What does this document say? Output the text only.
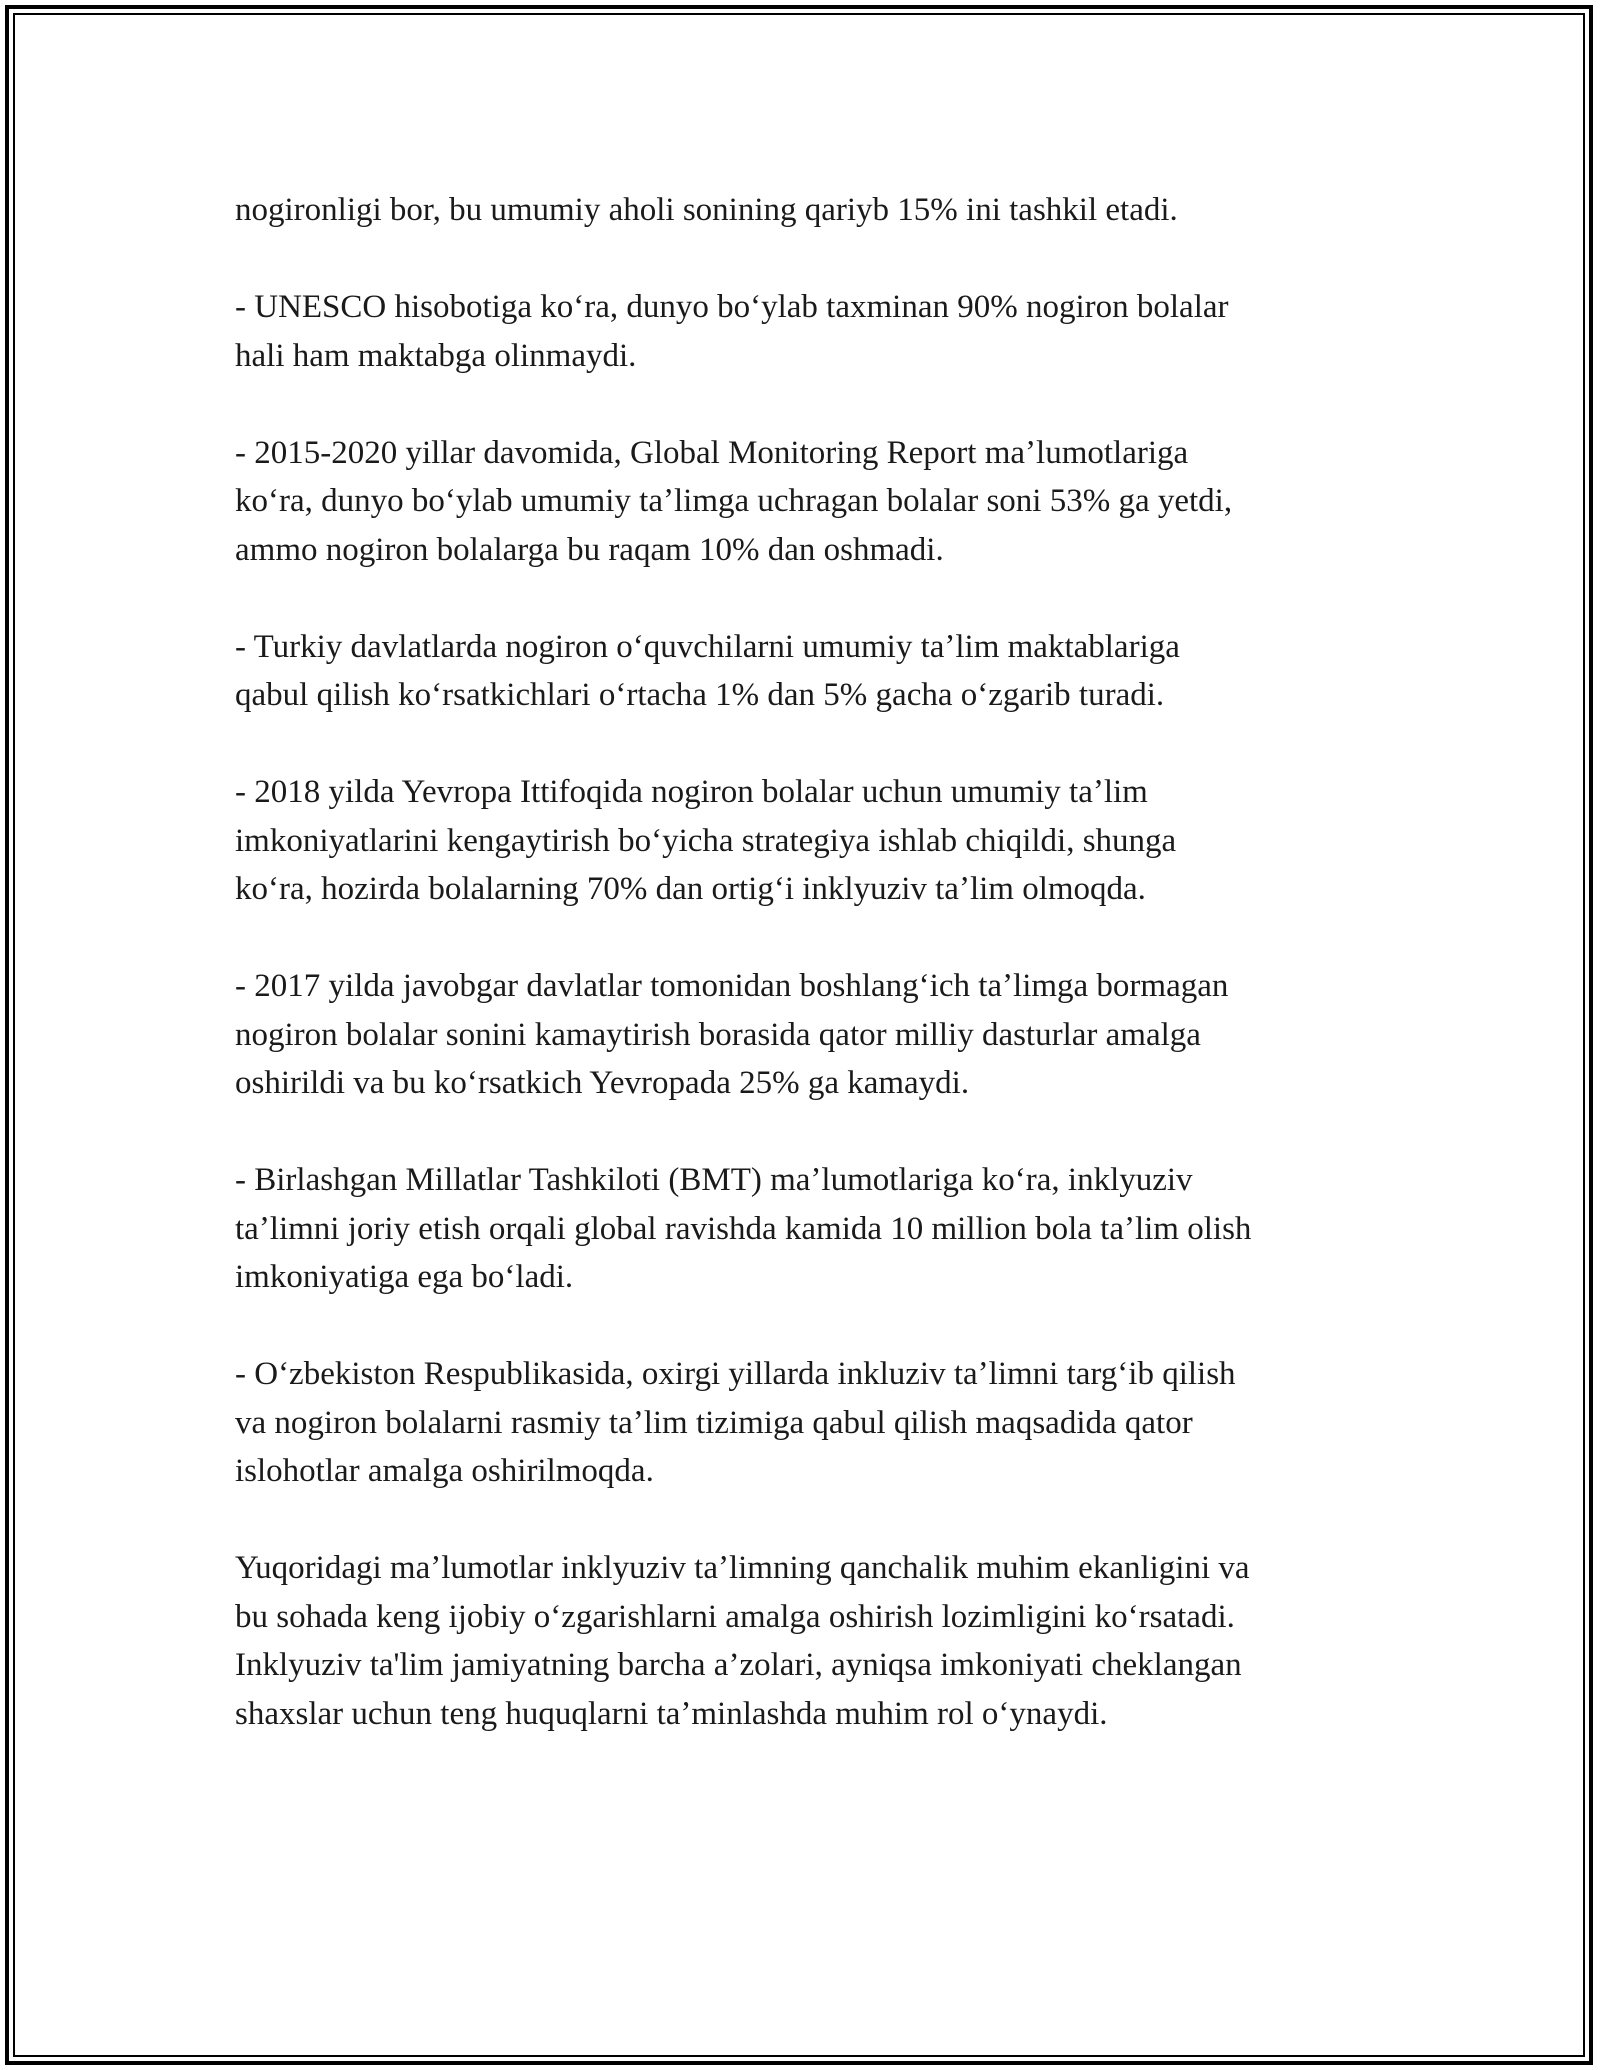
nogironligi bor, bu umumiy aholi sonining qariyb 15% ini tashkil etadi.

- UNESCO hisobotiga koʻra, dunyo boʻylab taxminan 90% nogiron bolalar
hali ham maktabga olinmaydi.

- 2015-2020 yillar davomida, Global Monitoring Report maʼlumotlariga
koʻra, dunyo boʻylab umumiy taʼlimga uchragan bolalar soni 53% ga yetdi,
ammo nogiron bolalarga bu raqam 10% dan oshmadi.

- Turkiy davlatlarda nogiron oʻquvchilarni umumiy taʼlim maktablariga
qabul qilish koʻrsatkichlari oʻrtacha 1% dan 5% gacha oʻzgarib turadi.

- 2018 yilda Yevropa Ittifoqida nogiron bolalar uchun umumiy taʼlim
imkoniyatlarini kengaytirish boʻyicha strategiya ishlab chiqildi, shunga
koʻra, hozirda bolalarning 70% dan ortigʻi inklyuziv taʼlim olmoqda.

- 2017 yilda javobgar davlatlar tomonidan boshlangʻich taʼlimga bormagan
nogiron bolalar sonini kamaytirish borasida qator milliy dasturlar amalga
oshirildi va bu koʻrsatkich Yevropada 25% ga kamaydi.

- Birlashgan Millatlar Tashkiloti (BMT) maʼlumotlariga koʻra, inklyuziv
taʼlimni joriy etish orqali global ravishda kamida 10 million bola taʼlim olish
imkoniyatiga ega boʻladi.

- Oʻzbekiston Respublikasida, oxirgi yillarda inkluziv taʼlimni targʻib qilish
va nogiron bolalarni rasmiy taʼlim tizimiga qabul qilish maqsadida qator
islohotlar amalga oshirilmoqda.

Yuqoridagi maʼlumotlar inklyuziv taʼlimning qanchalik muhim ekanligini va
bu sohada keng ijobiy oʻzgarishlarni amalga oshirish lozimligini koʻrsatadi.
Inklyuziv ta'lim jamiyatning barcha a’zolari, ayniqsa imkoniyati cheklangan
shaxslar uchun teng huquqlarni taʼminlashda muhim rol oʻynaydi.
